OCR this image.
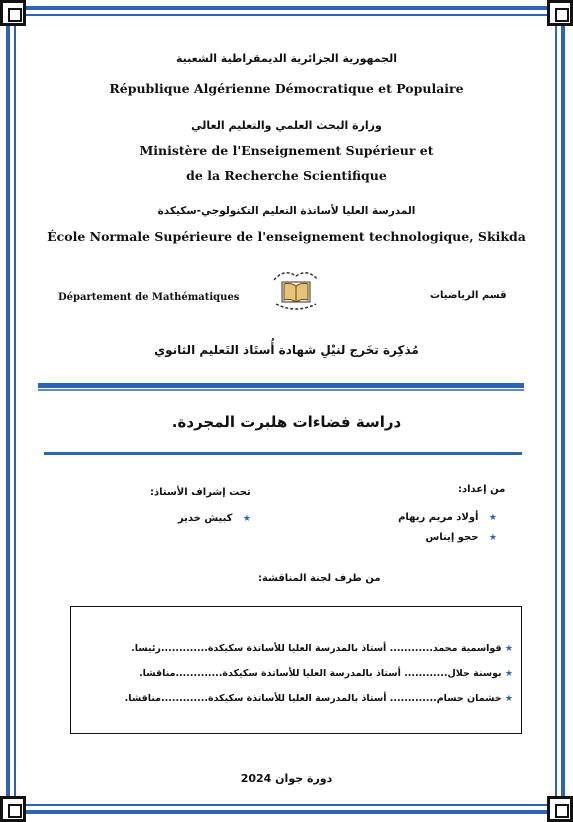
الجمهورية الجزائرية الديمقراطية الشعبية
République Algérienne Démocratique et Populaire
وزارة البحث العلمي والتعليم العالي
Ministère de l'Enseignement Supérieur et
de la Recherche Scientifique
المدرسة العليا لأساتذة التعليم التكنولوجي-سكيكدة
École Normale Supérieure de l'enseignement technologique, Skikda
Département de Mathématiques	قسم الرياضيات
مُذكِرة تخَرج لنيْلِ شهادة أُستَاذ التَعليم الثانوي
دراسة فضاءات هلبرت المجردة.
من إعداد:
تحت إشراف الأستاذ:
★   أولاد مريم ريهام
★   حجو إيناس
★   كبيش خدير
من طرف لجنة المناقشة:
★ قواسمية محمد............ أستاذ بالمدرسة العليا للأساتذة سكيكدة.............رئيسا.
★ بوسنة جلال............ أستاذ بالمدرسة العليا للأساتذة سكيكدة.............مناقشا.
★ خشمان حسام............. أستاذ بالمدرسة العليا للأساتذة سكيكدة.............مناقشا.
دورة جوان 2024
